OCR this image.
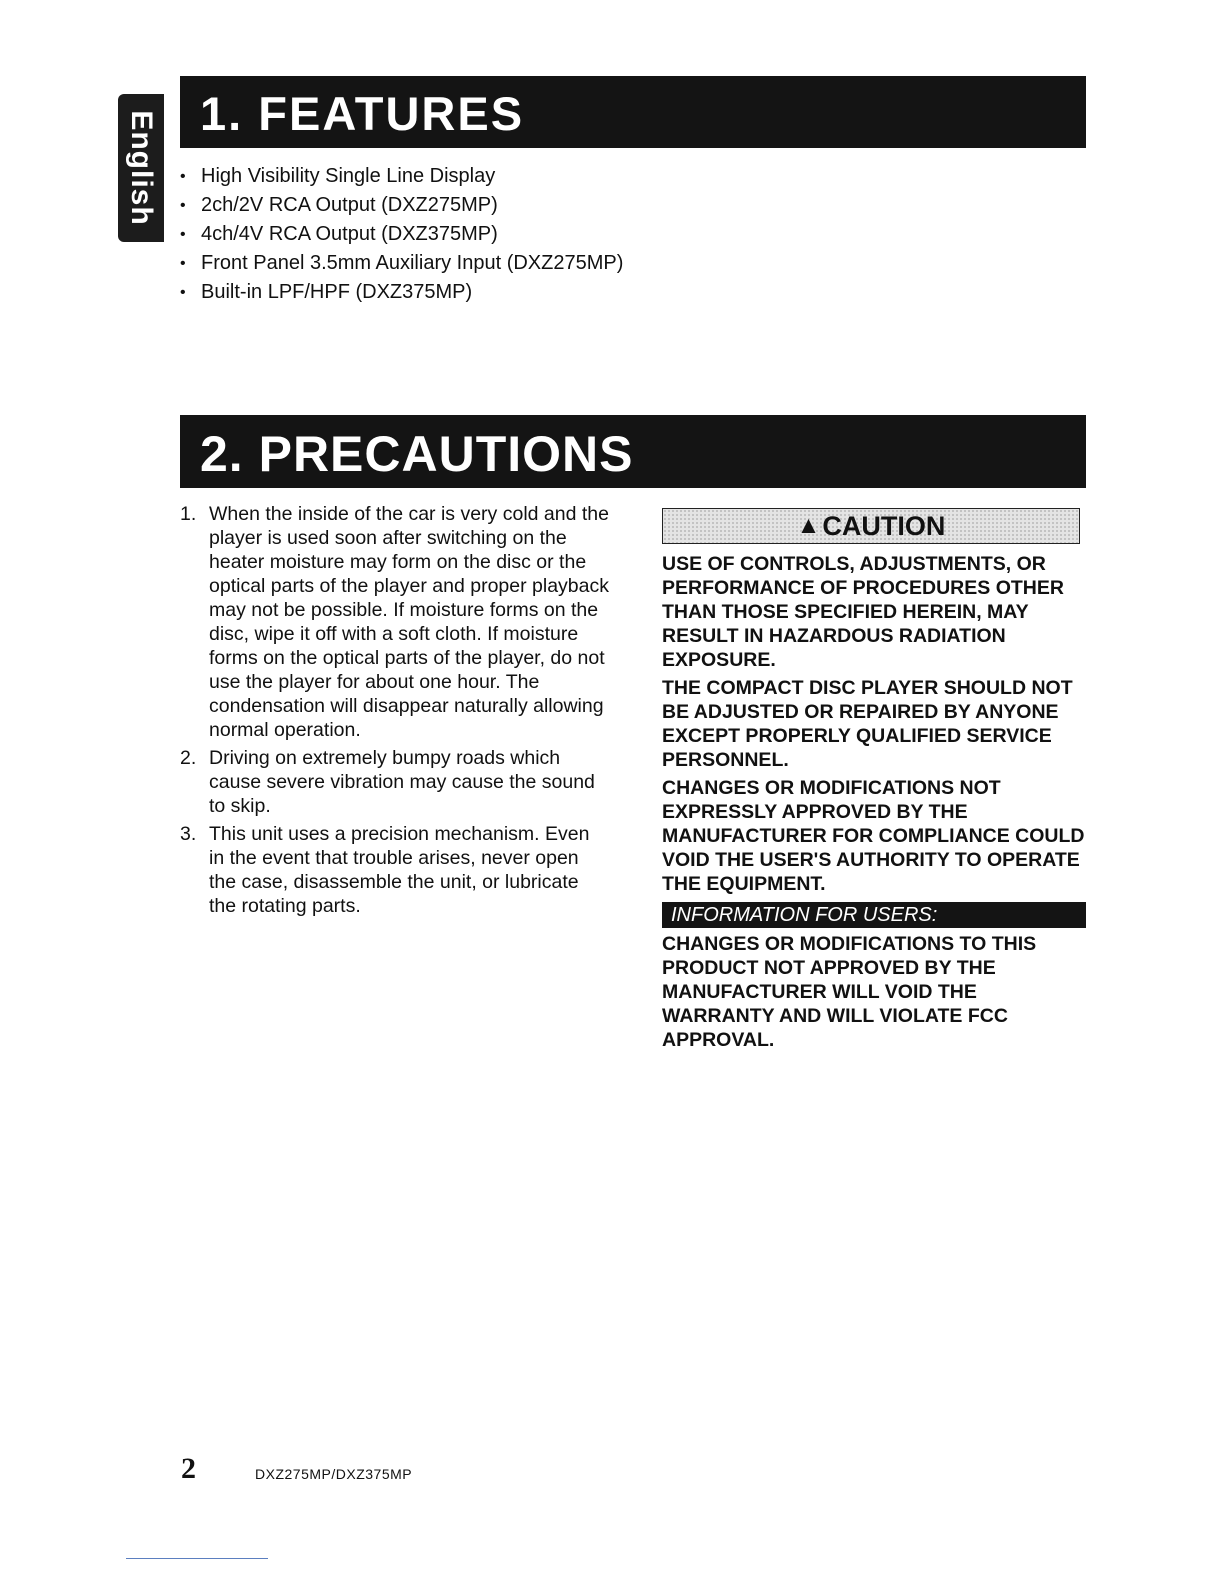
English 1. FEATURES
• High Visibility Single Line Display
• 2ch/2V RCA Output (DXZ275MP)
• 4ch/4V RCA Output (DXZ375MP)
• Front Panel 3.5mm Auxiliary Input (DXZ275MP)
• Built-in LPF/HPF (DXZ375MP)
2. PRECAUTIONS
1. When the inside of the car is very cold and the player is used soon after switching on the heater moisture may form on the disc or the optical parts of the player and proper playback may not be possible. If moisture forms on the disc, wipe it off with a soft cloth. If moisture forms on the optical parts of the player, do not use the player for about one hour. The condensation will disappear naturally allowing normal operation.
2. Driving on extremely bumpy roads which cause severe vibration may cause the sound to skip.
3. This unit uses a precision mechanism. Even in the event that trouble arises, never open the case, disassemble the unit, or lubricate the rotating parts.
▲ CAUTION

USE OF CONTROLS, ADJUSTMENTS, OR PERFORMANCE OF PROCEDURES OTHER THAN THOSE SPECIFIED HEREIN, MAY RESULT IN HAZARDOUS RADIATION EXPOSURE.

THE COMPACT DISC PLAYER SHOULD NOT BE ADJUSTED OR REPAIRED BY ANYONE EXCEPT PROPERLY QUALIFIED SERVICE PERSONNEL.

CHANGES OR MODIFICATIONS NOT EXPRESSLY APPROVED BY THE MANUFACTURER FOR COMPLIANCE COULD VOID THE USER'S AUTHORITY TO OPERATE THE EQUIPMENT.

INFORMATION FOR USERS:

CHANGES OR MODIFICATIONS TO THIS PRODUCT NOT APPROVED BY THE MANUFACTURER WILL VOID THE WARRANTY AND WILL VIOLATE FCC APPROVAL.

2	DXZ275MP/DXZ375MP
